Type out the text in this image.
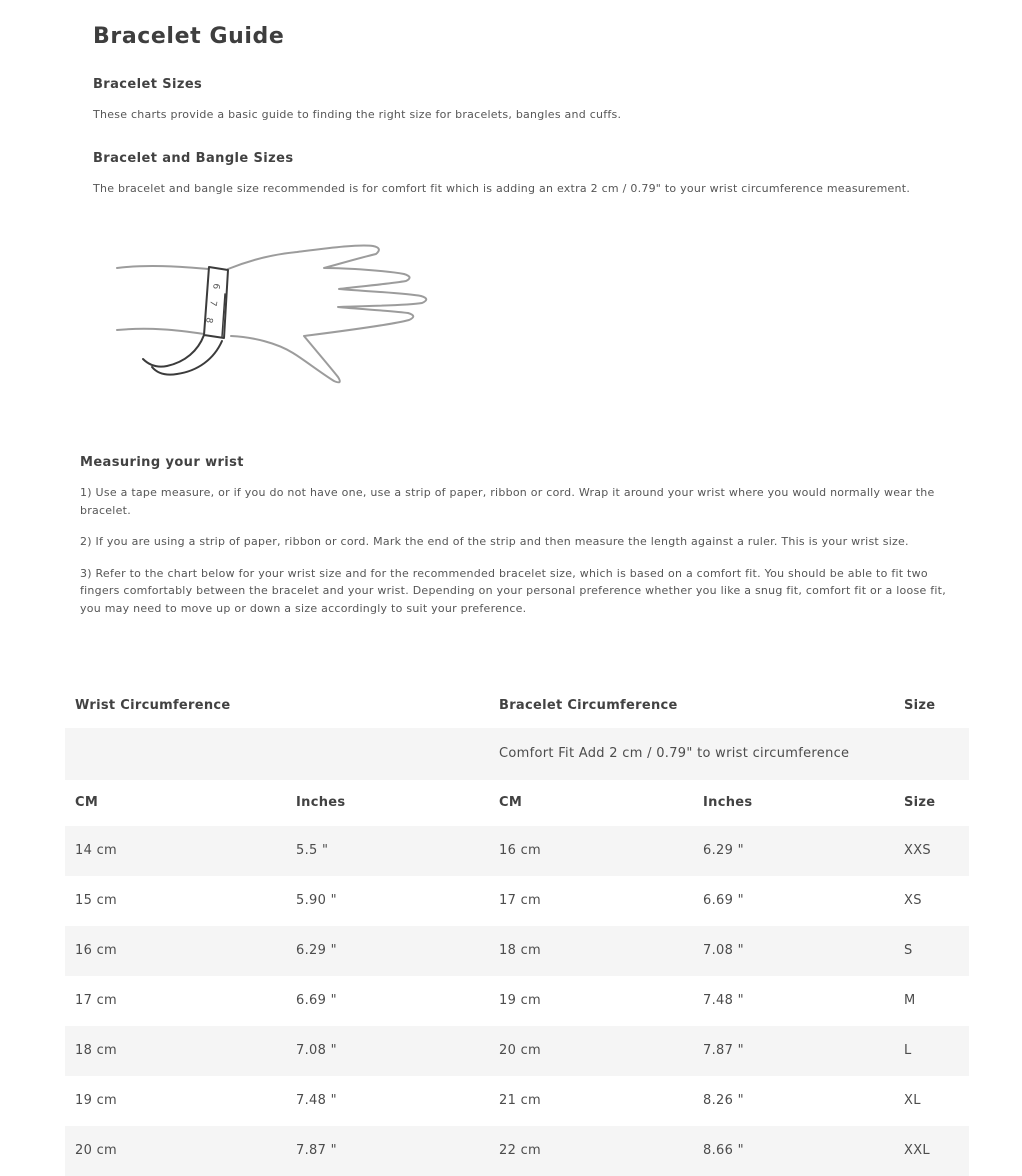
Bracelet Guide
Bracelet Sizes

These charts provide a basic guide to finding the right size for bracelets, bangles and cuffs.

Bracelet and Bangle Sizes

The bracelet and bangle size recommended is for comfort fit which is adding an extra 2 cm / 0.79" to your wrist circumference measurement.

6
7
8
Measuring your wrist

1) Use a tape measure, or if you do not have one, use a strip of paper, ribbon or cord. Wrap it around your wrist where you would normally wear the bracelet.

2) If you are using a strip of paper, ribbon or cord. Mark the end of the strip and then measure the length against a ruler. This is your wrist size.

3) Refer to the chart below for your wrist size and for the recommended bracelet size, which is based on a comfort fit. You should be able to fit two fingers comfortably between the bracelet and your wrist. Depending on your personal preference whether you like a snug fit, comfort fit or a loose fit, you may need to move up or down a size accordingly to suit your preference.

Wrist Circumference		Bracelet Circumference		Size
		Comfort Fit Add 2 cm / 0.79" to wrist circumference		
CM	Inches	CM	Inches	Size
14 cm	5.5 "	16 cm	6.29 "	XXS
15 cm	5.90 "	17 cm	6.69 "	XS
16 cm	6.29 "	18 cm	7.08 "	S
17 cm	6.69 "	19 cm	7.48 "	M
18 cm	7.08 "	20 cm	7.87 "	L
19 cm	7.48 "	21 cm	8.26 "	XL
20 cm	7.87 "	22 cm	8.66 "	XXL
